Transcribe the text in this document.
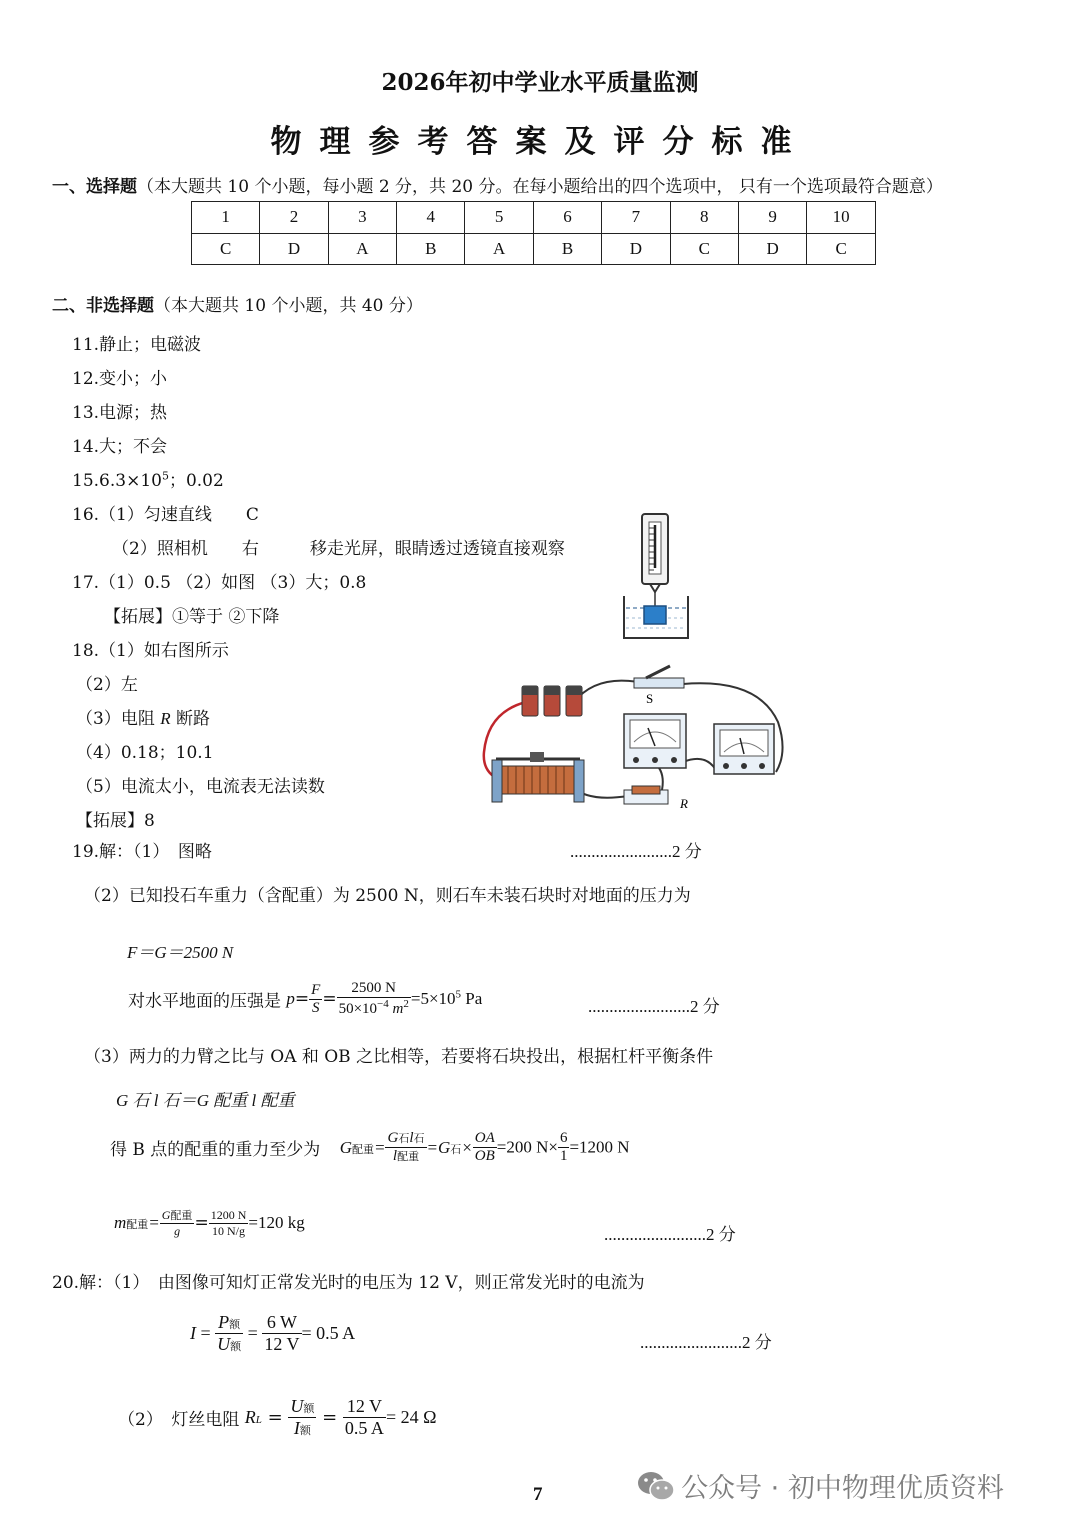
2026年初中学业水平质量监测
物理参考答案及评分标准
一、选择题（本大题共 10 个小题，每小题 2 分，共 20 分。在每小题给出的四个选项中， 只有一个选项最符合题意）
1	2	3	4	5	6	7	8	9	10
C	D	A	B	A	B	D	C	D	C
二、非选择题（本大题共 10 个小题，共 40 分）
11.静止；电磁波
12.变小；小
13.电源；热
14.大；不会
$15.6.3\times 10^5$；0.02
16.（1）匀速直线　　C
（2）照相机　　右　　　移走光屏，眼睛透过透镜直接观察
17.（1）0.5 （2）如图 （3）大；0.8
【拓展】①等于 ②下降
18.（1）如右图所示
（2）左
（3）电阻 R 断路
（4）0.18；10.1
（5）电流太小，电流表无法读数
【拓展】8
S
R
19.解：（1）　图略	........................2 分
（2）已知投石车重力（含配重）为 2500 N，则石车未装石块时对地面的压力为
F＝G＝2500 N
对水平地面的压强是 $p= \frac{F}{S} = \frac{2500 N}{50\times 10^{-4} m^2} =5\times 10^5$ Pa	........................2 分
（3）两力的力臂之比与 OA 和 OB 之比相等，若要将石块投出，根据杠杆平衡条件
G 石 l 石＝G 配重 l 配重
得 B 点的配重的重力至少为 G配重= $\frac{\text{G石l石}}{\text{l配重}} =G$石× $\frac{OA}{OB} =200$ $N\times \frac{6}{1} =1200$ N
m配重= $\frac{\text{G配重}}{g} = \frac{1200 N}{10 N/g} =120$ kg
........................2 分
20.解：（1）　由图像可知灯正常发光时的电压为 12 V，则正常发光时的电流为
$I = \frac{\text{P额}}{\text{U额}} = \frac{6 W}{12 V} = 0.5$ A	........................2 分
（2）　灯丝电阻 RL = $\frac{\text{U额}}{\text{I额}} = \frac{12 V}{0.5 A} = 24$ Ω
7	公众号 · 初中物理优质资料
